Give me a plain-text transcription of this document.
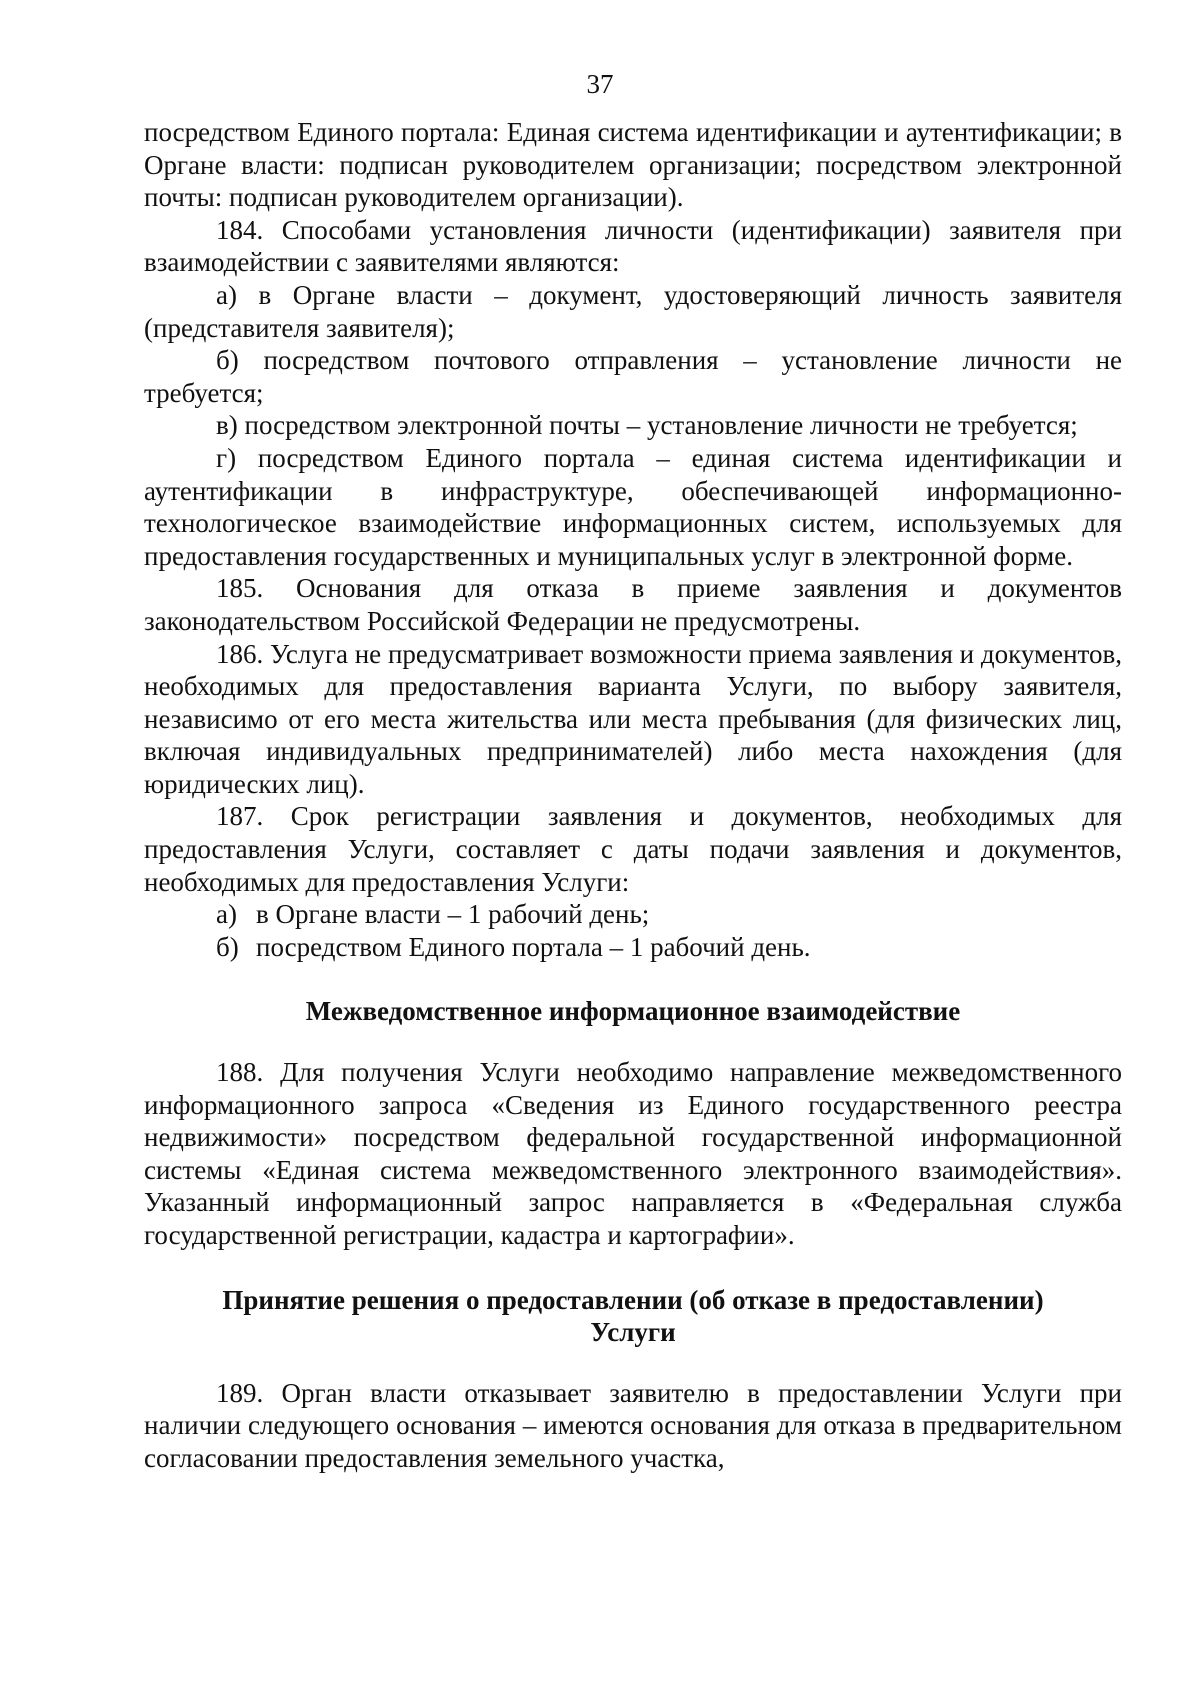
37

посредством Единого портала: Единая система идентификации и аутентификации; в Органе власти: подписан руководителем организации; посредством электронной почты: подписан руководителем организации).

184. Способами установления личности (идентификации) заявителя при взаимодействии с заявителями являются:

а) в Органе власти – документ, удостоверяющий личность заявителя (представителя заявителя);

б) посредством почтового отправления – установление личности не требуется;

в) посредством электронной почты – установление личности не требуется;

г) посредством Единого портала – единая система идентификации и аутентификации в инфраструктуре, обеспечивающей информационно-технологическое взаимодействие информационных систем, используемых для предоставления государственных и муниципальных услуг в электронной форме.

185. Основания для отказа в приеме заявления и документов законодательством Российской Федерации не предусмотрены.

186. Услуга не предусматривает возможности приема заявления и документов, необходимых для предоставления варианта Услуги, по выбору заявителя, независимо от его места жительства или места пребывания (для физических лиц, включая индивидуальных предпринимателей) либо места нахождения (для юридических лиц).

187. Срок регистрации заявления и документов, необходимых для предоставления Услуги, составляет с даты подачи заявления и документов, необходимых для предоставления Услуги:

а) в Органе власти – 1 рабочий день;

б) посредством Единого портала – 1 рабочий день.

Межведомственное информационное взаимодействие

188. Для получения Услуги необходимо направление межведомственного информационного запроса «Сведения из Единого государственного реестра недвижимости» посредством федеральной государственной информационной системы «Единая система межведомственного электронного взаимодействия». Указанный информационный запрос направляется в «Федеральная служба государственной регистрации, кадастра и картографии».

Принятие решения о предоставлении (об отказе в предоставлении)
Услуги

189. Орган власти отказывает заявителю в предоставлении Услуги при наличии следующего основания – имеются основания для отказа в предварительном согласовании предоставления земельного участка,
